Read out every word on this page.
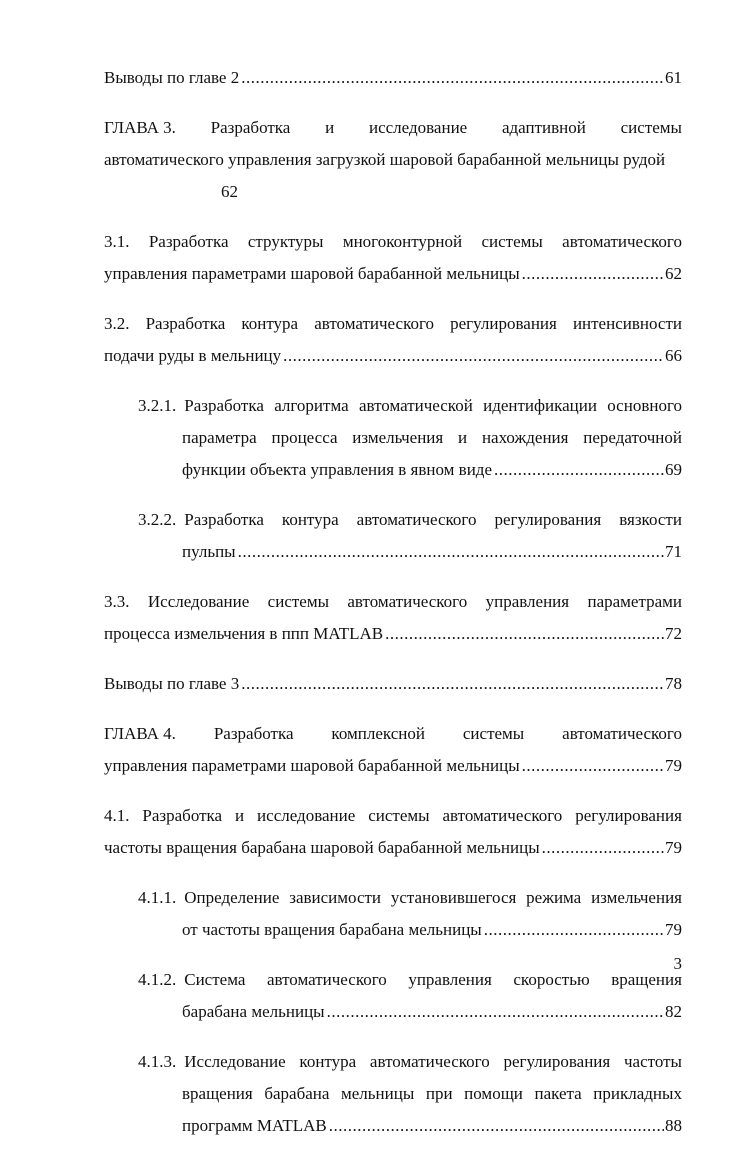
Выводы по главе 2 .....	61
ГЛАВА 3. Разработка и исследование адаптивной системы
автоматического управления загрузкой шаровой барабанной мельницы рудой
62
3.1. Разработка структуры многоконтурной системы автоматического
управления параметрами шаровой барабанной мельницы .....	62
3.2. Разработка контура автоматического регулирования интенсивности
подачи руды в мельницу .....	66
3.2.1. Разработка алгоритма автоматической идентификации основного
параметра процесса измельчения и нахождения передаточной
функции объекта управления в явном виде .....	69
3.2.2. Разработка контура автоматического регулирования вязкости
пульпы .....	71
3.3. Исследование системы автоматического управления параметрами
процесса измельчения в ппп MATLAB .....	72
Выводы по главе 3 .....	78
ГЛАВА 4. Разработка комплексной системы автоматического
управления параметрами шаровой барабанной мельницы .....	79
4.1. Разработка и исследование системы автоматического регулирования
частоты вращения барабана шаровой барабанной мельницы .....	79
4.1.1. Определение зависимости установившегося режима измельчения
от частоты вращения барабана мельницы .....	79
4.1.2. Система автоматического управления скоростью вращения
барабана мельницы .....	82
4.1.3. Исследование контура автоматического регулирования частоты
вращения барабана мельницы при помощи пакета прикладных
программ MATLAB .....	88
3
